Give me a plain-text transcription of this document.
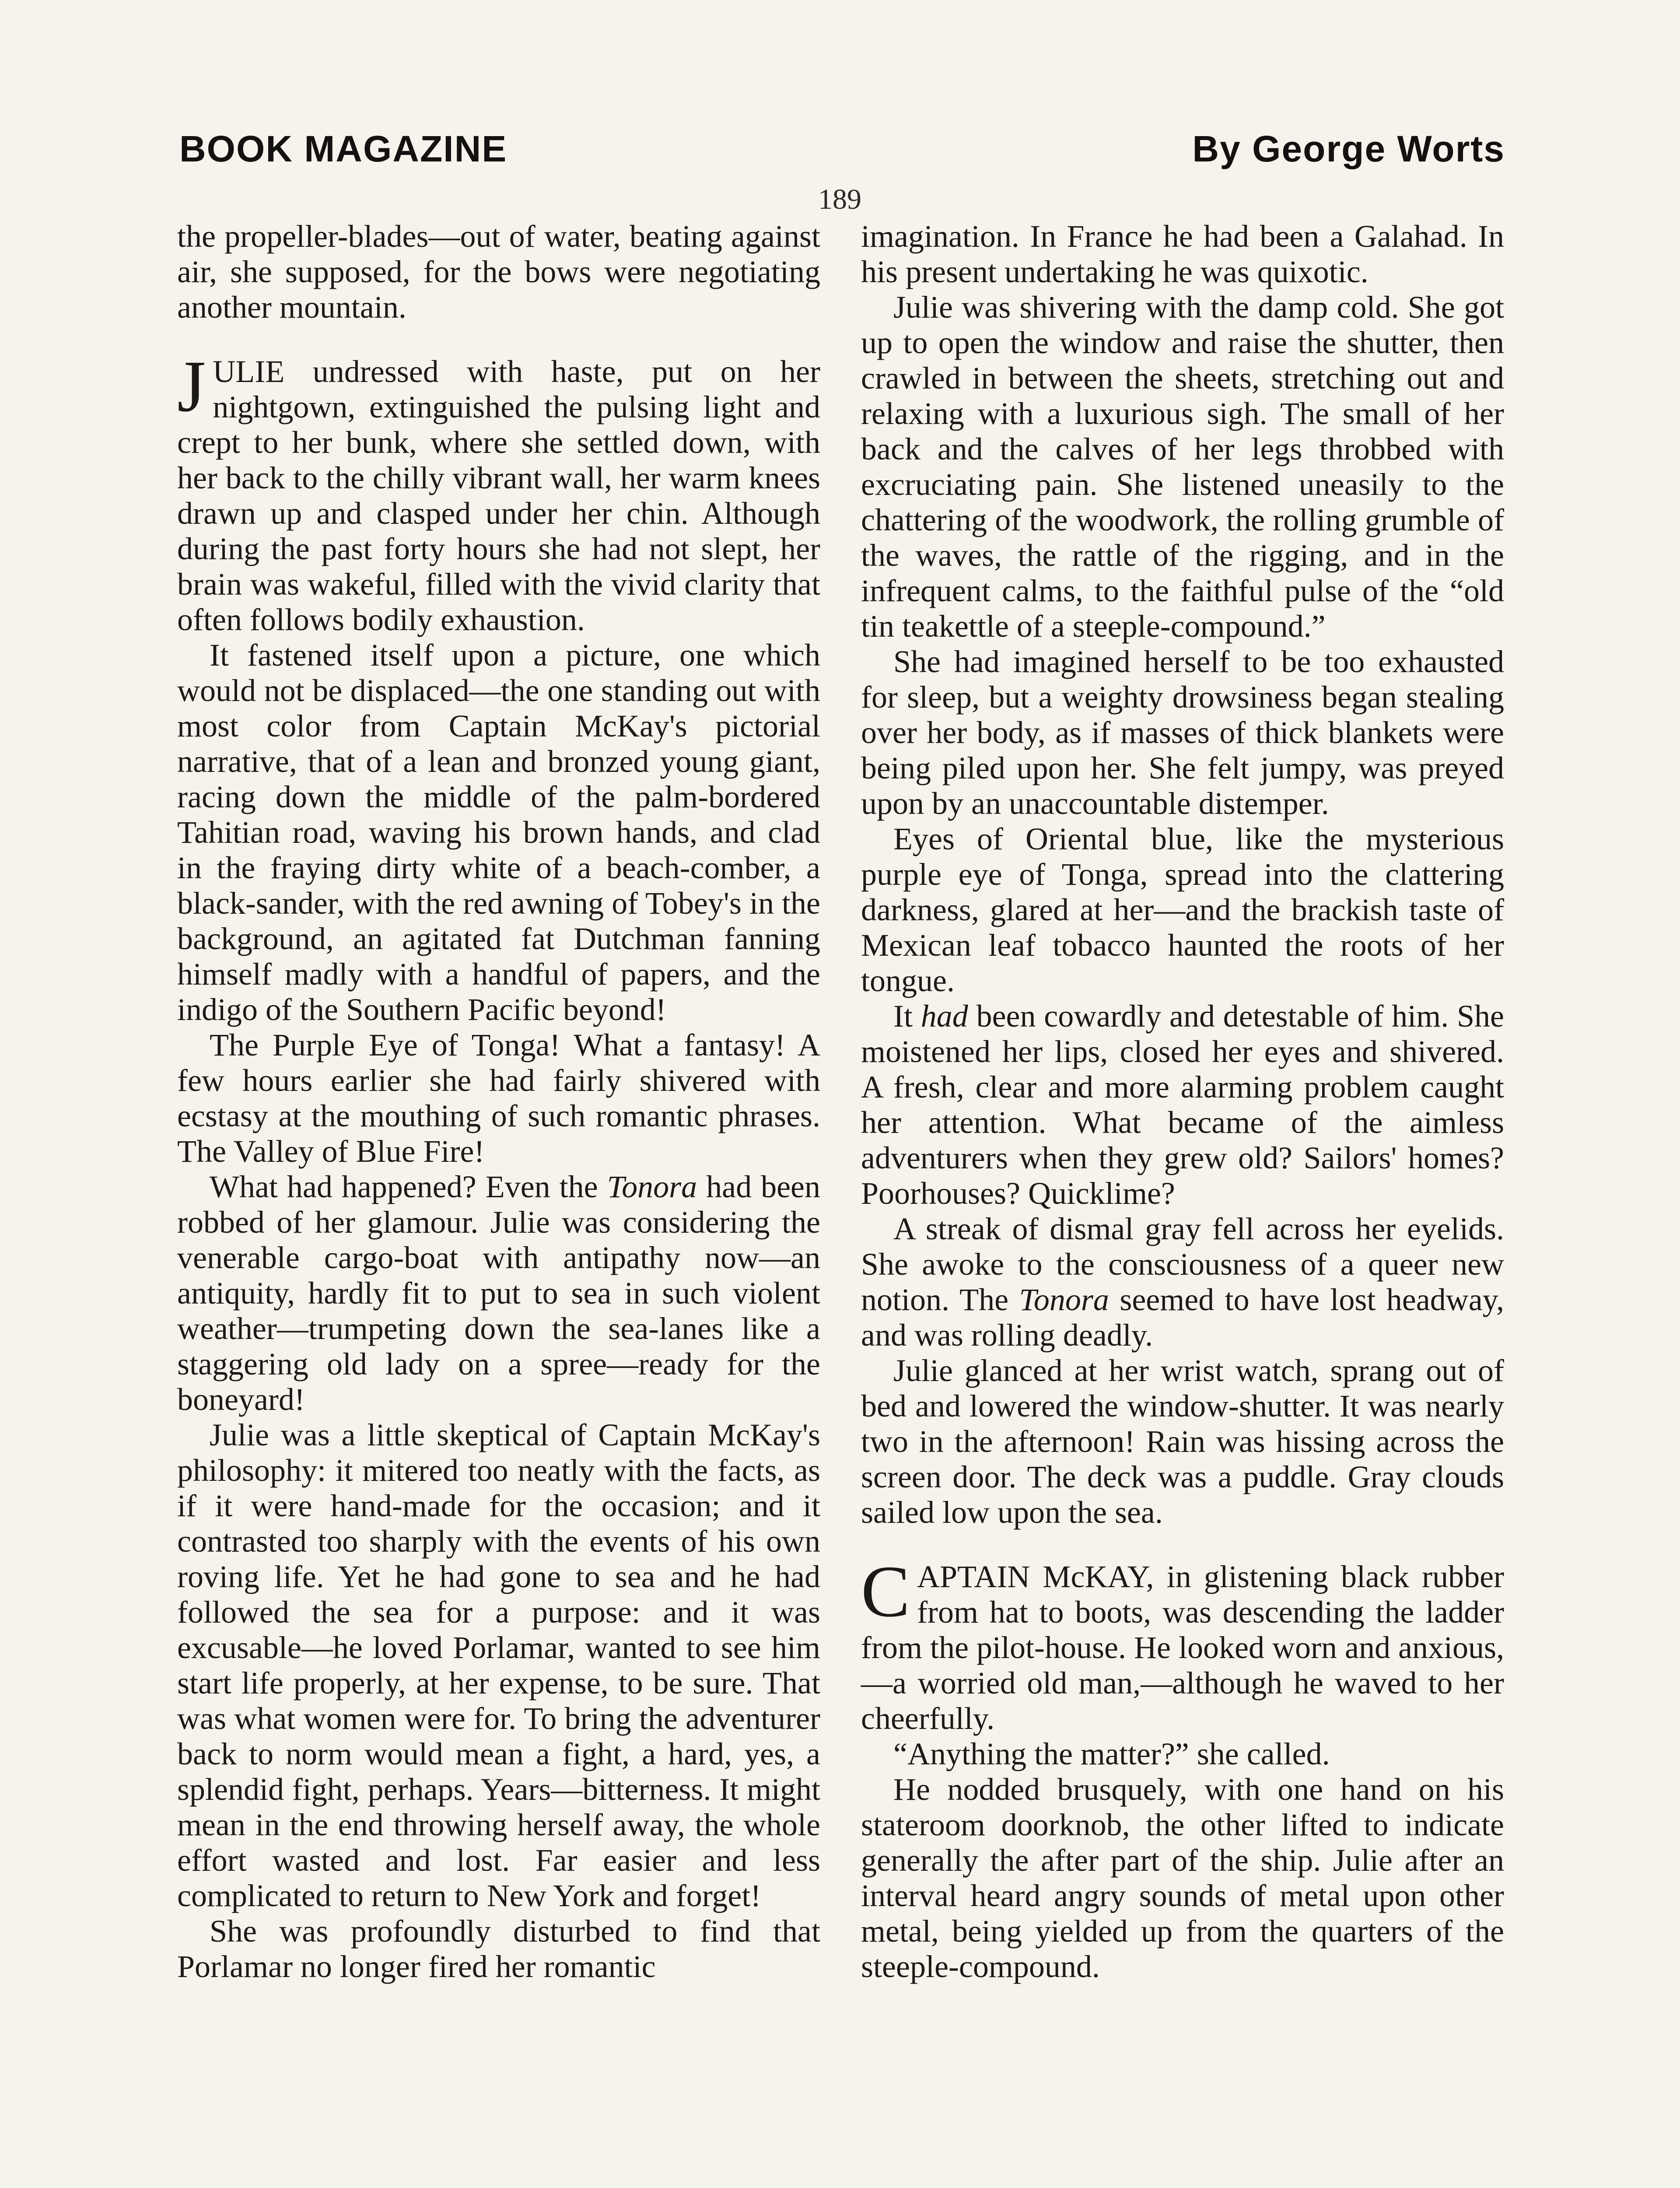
BOOK MAGAZINE	By George Worts
189

the propeller-blades—out of water, beating against air, she supposed, for the bows were negotiating another mountain.

JULIE undressed with haste, put on her nightgown, extinguished the pulsing light and crept to her bunk, where she settled down, with her back to the chilly vibrant wall, her warm knees drawn up and clasped under her chin. Although during the past forty hours she had not slept, her brain was wakeful, filled with the vivid clarity that often follows bodily exhaustion.

It fastened itself upon a picture, one which would not be displaced—the one standing out with most color from Captain McKay's pictorial narrative, that of a lean and bronzed young giant, racing down the middle of the palm-bordered Tahitian road, waving his brown hands, and clad in the fraying dirty white of a beach-comber, a black-sander, with the red awning of Tobey's in the background, an agitated fat Dutchman fanning himself madly with a handful of papers, and the indigo of the Southern Pacific beyond!

The Purple Eye of Tonga! What a fantasy! A few hours earlier she had fairly shivered with ecstasy at the mouthing of such romantic phrases. The Valley of Blue Fire!

What had happened? Even the Tonora had been robbed of her glamour. Julie was considering the venerable cargo-boat with antipathy now—an antiquity, hardly fit to put to sea in such violent weather—trumpeting down the sea-lanes like a staggering old lady on a spree—ready for the boneyard!

Julie was a little skeptical of Captain McKay's philosophy: it mitered too neatly with the facts, as if it were hand-made for the occasion; and it contrasted too sharply with the events of his own roving life. Yet he had gone to sea and he had followed the sea for a purpose: and it was excusable—he loved Porlamar, wanted to see him start life properly, at her expense, to be sure. That was what women were for. To bring the adventurer back to norm would mean a fight, a hard, yes, a splendid fight, perhaps. Years—bitterness. It might mean in the end throwing herself away, the whole effort wasted and lost. Far easier and less complicated to return to New York and forget!

She was profoundly disturbed to find that Porlamar no longer fired her romantic

imagination. In France he had been a Galahad. In his present undertaking he was quixotic.

Julie was shivering with the damp cold. She got up to open the window and raise the shutter, then crawled in between the sheets, stretching out and relaxing with a luxurious sigh. The small of her back and the calves of her legs throbbed with excruciating pain. She listened uneasily to the chattering of the woodwork, the rolling grumble of the waves, the rattle of the rigging, and in the infrequent calms, to the faithful pulse of the “old tin teakettle of a steeple-compound.”

She had imagined herself to be too exhausted for sleep, but a weighty drowsiness began stealing over her body, as if masses of thick blankets were being piled upon her. She felt jumpy, was preyed upon by an unaccountable distemper.

Eyes of Oriental blue, like the mysterious purple eye of Tonga, spread into the clattering darkness, glared at her—and the brackish taste of Mexican leaf tobacco haunted the roots of her tongue.

It had been cowardly and detestable of him. She moistened her lips, closed her eyes and shivered. A fresh, clear and more alarming problem caught her attention. What became of the aimless adventurers when they grew old? Sailors' homes? Poorhouses? Quicklime?

A streak of dismal gray fell across her eyelids. She awoke to the consciousness of a queer new notion. The Tonora seemed to have lost headway, and was rolling deadly.

Julie glanced at her wrist watch, sprang out of bed and lowered the window-shutter. It was nearly two in the afternoon! Rain was hissing across the screen door. The deck was a puddle. Gray clouds sailed low upon the sea.

CAPTAIN McKAY, in glistening black rubber from hat to boots, was descending the ladder from the pilot-house. He looked worn and anxious,—a worried old man,—although he waved to her cheerfully.

“Anything the matter?” she called.

He nodded brusquely, with one hand on his stateroom doorknob, the other lifted to indicate generally the after part of the ship. Julie after an interval heard angry sounds of metal upon other metal, being yielded up from the quarters of the steeple-compound.
